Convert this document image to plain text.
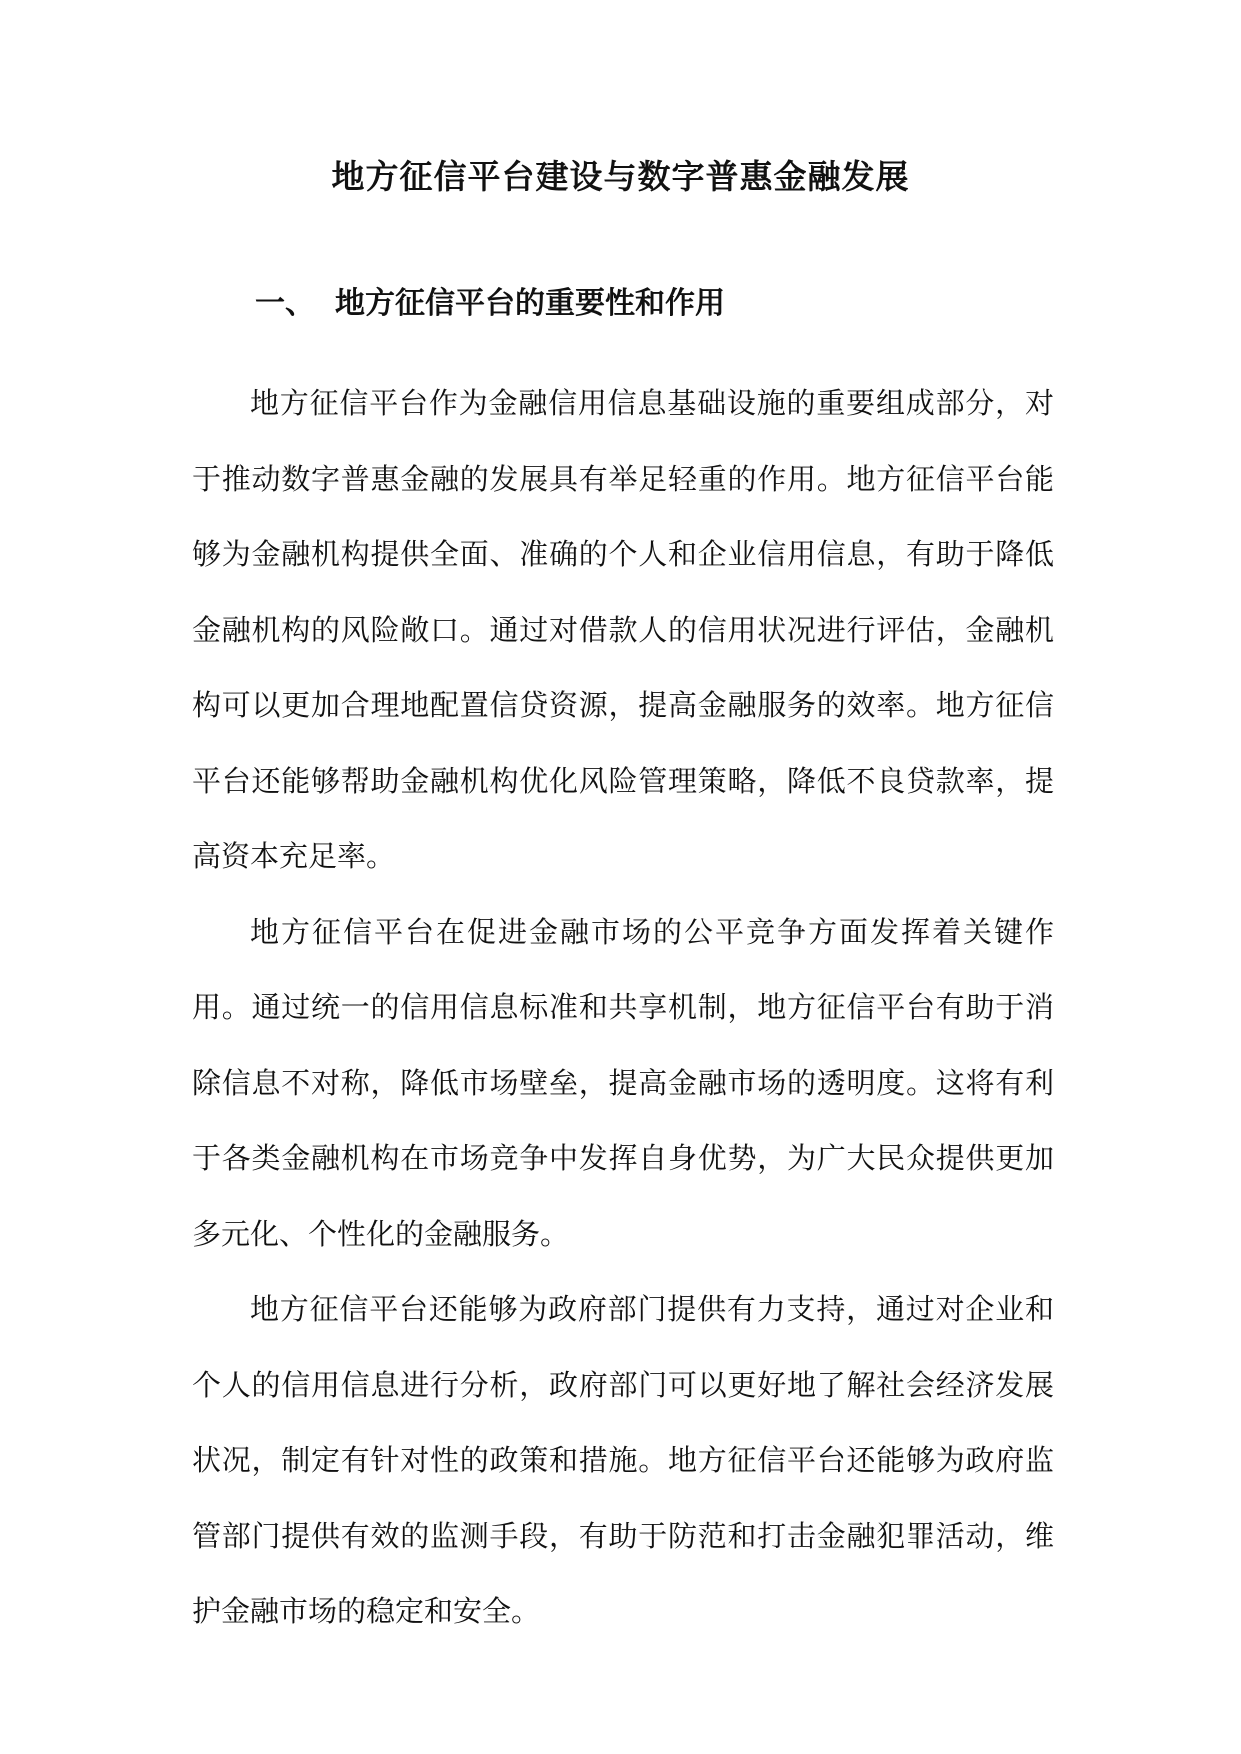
地方征信平台建设与数字普惠金融发展
一、 地方征信平台的重要性和作用

地方征信平台作为金融信用信息基础设施的重要组成部分，对于推动数字普惠金融的发展具有举足轻重的作用。地方征信平台能够为金融机构提供全面、准确的个人和企业信用信息，有助于降低金融机构的风险敞口。通过对借款人的信用状况进行评估，金融机构可以更加合理地配置信贷资源，提高金融服务的效率。地方征信平台还能够帮助金融机构优化风险管理策略，降低不良贷款率，提高资本充足率。

地方征信平台在促进金融市场的公平竞争方面发挥着关键作用。通过统一的信用信息标准和共享机制，地方征信平台有助于消除信息不对称，降低市场壁垒，提高金融市场的透明度。这将有利于各类金融机构在市场竞争中发挥自身优势，为广大民众提供更加多元化、个性化的金融服务。

地方征信平台还能够为政府部门提供有力支持，通过对企业和个人的信用信息进行分析，政府部门可以更好地了解社会经济发展状况，制定有针对性的政策和措施。地方征信平台还能够为政府监管部门提供有效的监测手段，有助于防范和打击金融犯罪活动，维护金融市场的稳定和安全。
